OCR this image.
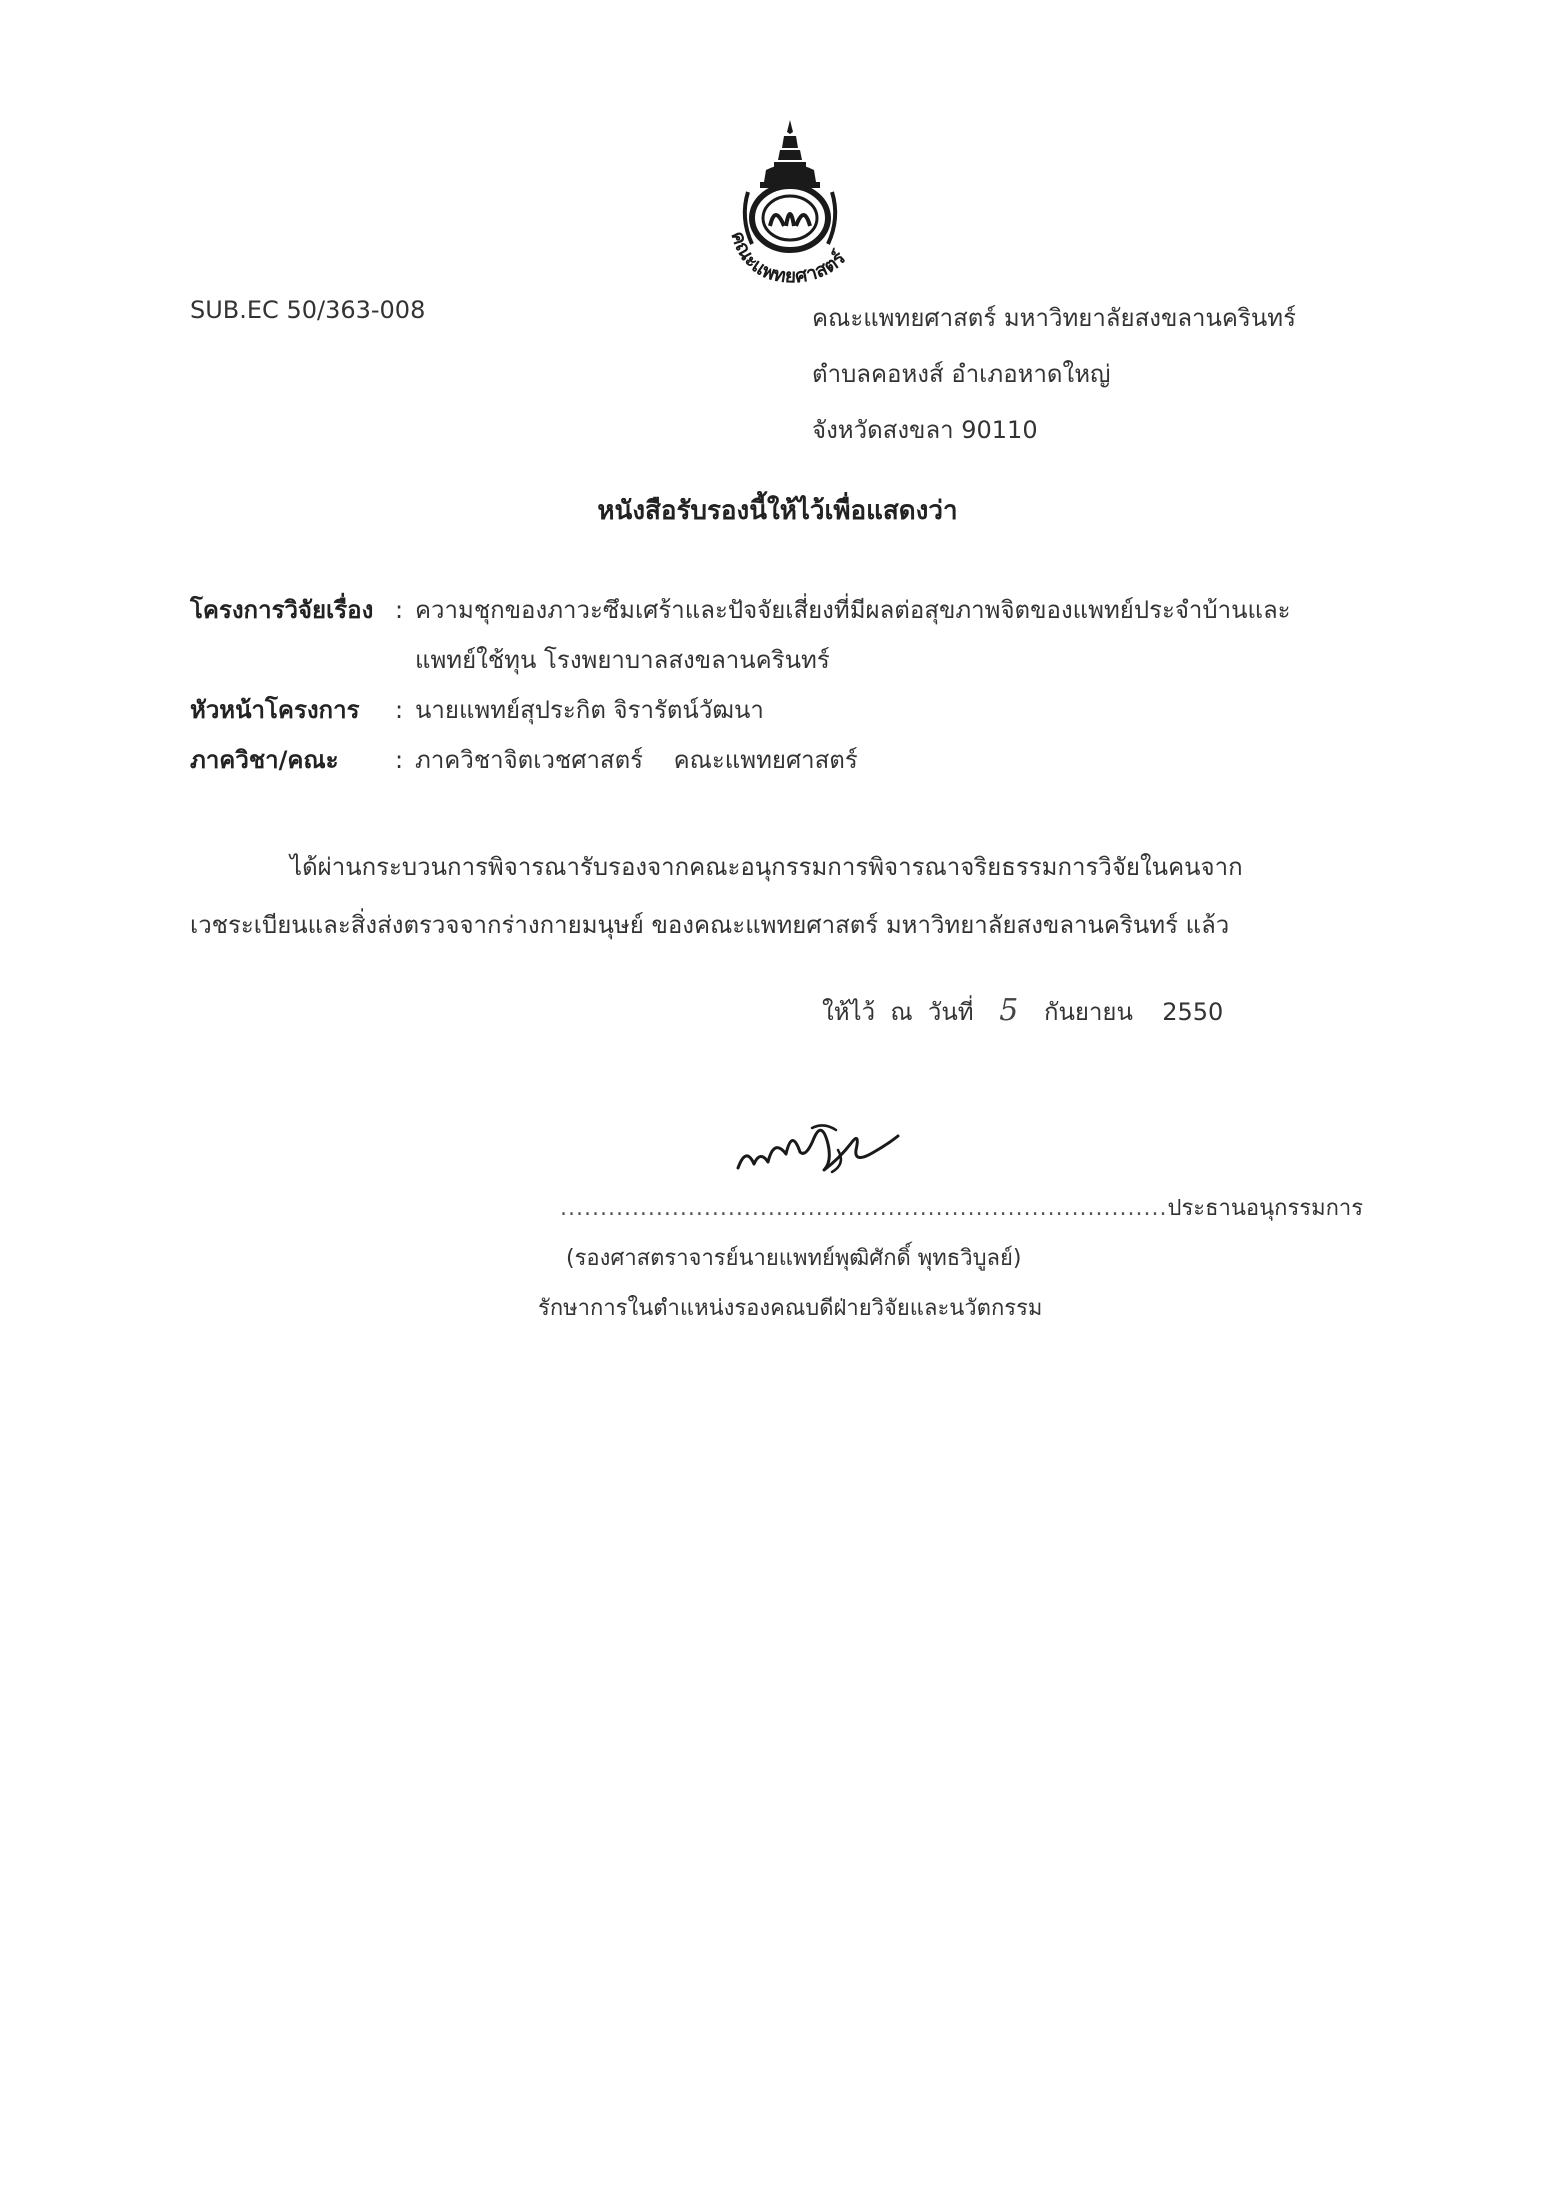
คณะแพทยศาสตร์
SUB.EC 50/363-008	คณะแพทยศาสตร์ มหาวิทยาลัยสงขลานครินทร์
ตำบลคอหงส์ อำเภอหาดใหญ่
จังหวัดสงขลา 90110
หนังสือรับรองนี้ให้ไว้เพื่อแสดงว่า
โครงการวิจัยเรื่อง : ความชุกของภาวะซึมเศร้าและปัจจัยเสี่ยงที่มีผลต่อสุขภาพจิตของแพทย์ประจำบ้านและ
แพทย์ใช้ทุน โรงพยาบาลสงขลานครินทร์
หัวหน้าโครงการ	: นายแพทย์สุประกิต จิรารัตน์วัฒนา
ภาควิชา/คณะ	: ภาควิชาจิตเวชศาสตร์    คณะแพทยศาสตร์
ได้ผ่านกระบวนการพิจารณารับรองจากคณะอนุกรรมการพิจารณาจริยธรรมการวิจัยในคนจาก
เวชระเบียนและสิ่งส่งตรวจจากร่างกายมนุษย์ ของคณะแพทยศาสตร์ มหาวิทยาลัยสงขลานครินทร์ แล้ว
ให้ไว้  ณ  วันที่ 5 กันยายน 2550
............................................................................ประธานอนุกรรมการ
(รองศาสตราจารย์นายแพทย์พุฒิศักดิ์ พุทธวิบูลย์)
รักษาการในตำแหน่งรองคณบดีฝ่ายวิจัยและนวัตกรรม
